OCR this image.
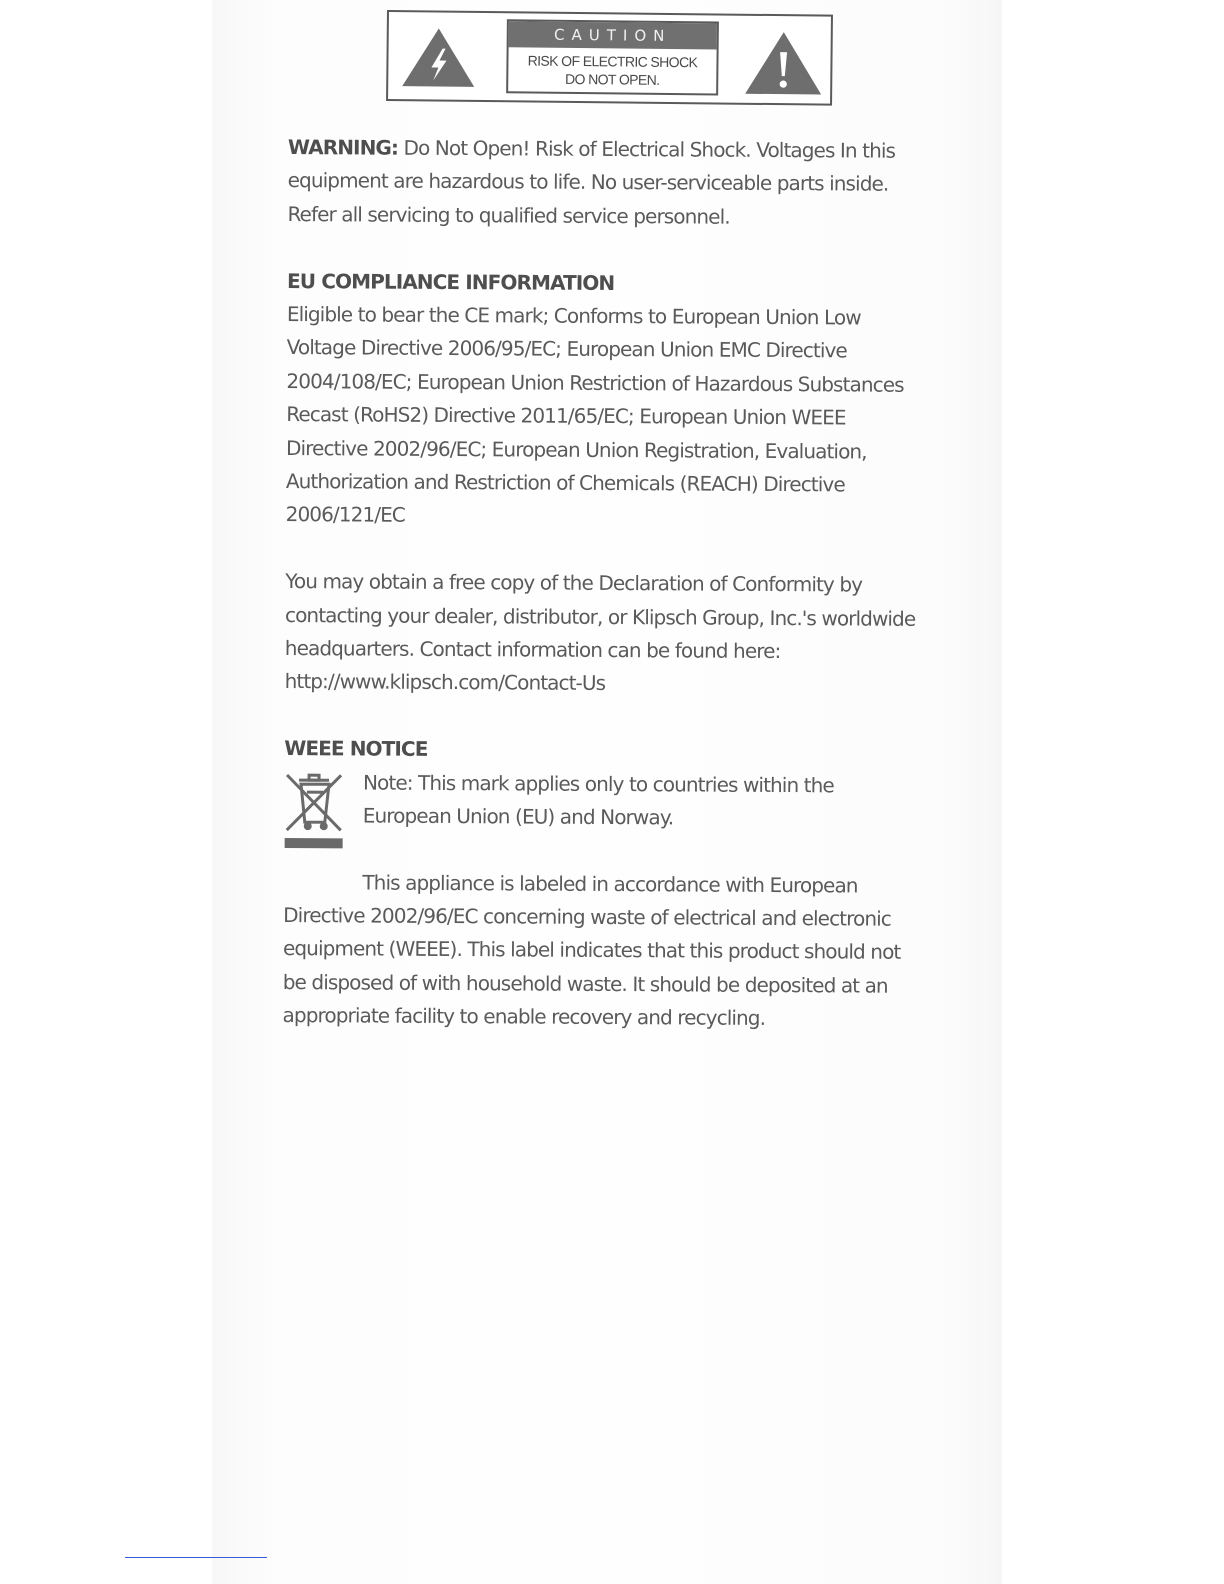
CAUTION
RISK OF ELECTRIC SHOCK
DO NOT OPEN.

WARNING: Do Not Open! Risk of Electrical Shock. Voltages In this equipment are hazardous to life. No user-serviceable parts inside. Refer all servicing to qualified service personnel.

EU COMPLIANCE INFORMATION

Eligible to bear the CE mark; Conforms to European Union Low Voltage Directive 2006/95/EC; European Union EMC Directive 2004/108/EC; European Union Restriction of Hazardous Substances Recast (RoHS2) Directive 2011/65/EC; European Union WEEE Directive 2002/96/EC; European Union Registration, Evaluation, Authorization and Restriction of Chemicals (REACH) Directive 2006/121/EC

You may obtain a free copy of the Declaration of Conformity by contacting your dealer, distributor, or Klipsch Group, Inc.'s worldwide headquarters. Contact information can be found here: http://www.klipsch.com/Contact-Us

WEEE NOTICE

Note: This mark applies only to countries within the European Union (EU) and Norway.

This appliance is labeled in accordance with European Directive 2002/96/EC concerning waste of electrical and electronic equipment (WEEE). This label indicates that this product should not be disposed of with household waste. It should be deposited at an appropriate facility to enable recovery and recycling.
